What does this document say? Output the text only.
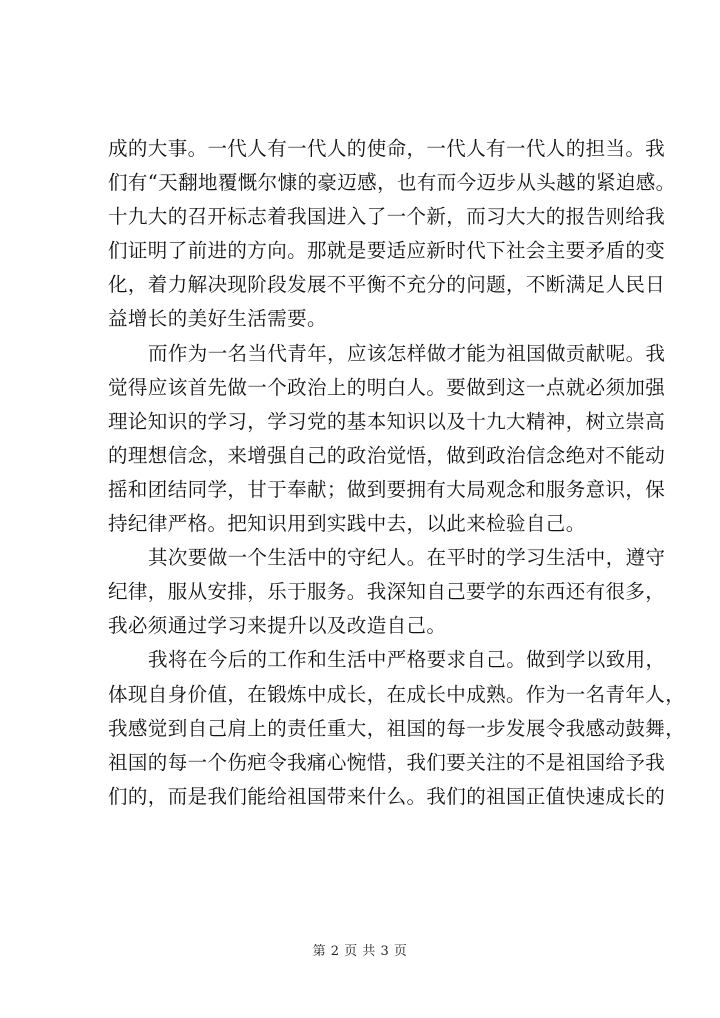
成的大事。一代人有一代人的使命，一代人有一代人的担当。我
们有“天翻地覆慨尔慷的豪迈感，也有而今迈步从头越的紧迫感。
十九大的召开标志着我国进入了一个新，而习大大的报告则给我
们证明了前进的方向。那就是要适应新时代下社会主要矛盾的变
化，着力解决现阶段发展不平衡不充分的问题，不断满足人民日
益增长的美好生活需要。
而作为一名当代青年，应该怎样做才能为祖国做贡献呢。我
觉得应该首先做一个政治上的明白人。要做到这一点就必须加强
理论知识的学习，学习党的基本知识以及十九大精神，树立崇高
的理想信念，来增强自己的政治觉悟，做到政治信念绝对不能动
摇和团结同学，甘于奉献；做到要拥有大局观念和服务意识，保
持纪律严格。把知识用到实践中去，以此来检验自己。
其次要做一个生活中的守纪人。在平时的学习生活中，遵守
纪律，服从安排，乐于服务。我深知自己要学的东西还有很多，
我必须通过学习来提升以及改造自己。
我将在今后的工作和生活中严格要求自己。做到学以致用，
体现自身价值，在锻炼中成长，在成长中成熟。作为一名青年人，
我感觉到自己肩上的责任重大，祖国的每一步发展令我感动鼓舞，
祖国的每一个伤疤令我痛心惋惜，我们要关注的不是祖国给予我
们的，而是我们能给祖国带来什么。我们的祖国正值快速成长的
第 2 页 共 3 页
